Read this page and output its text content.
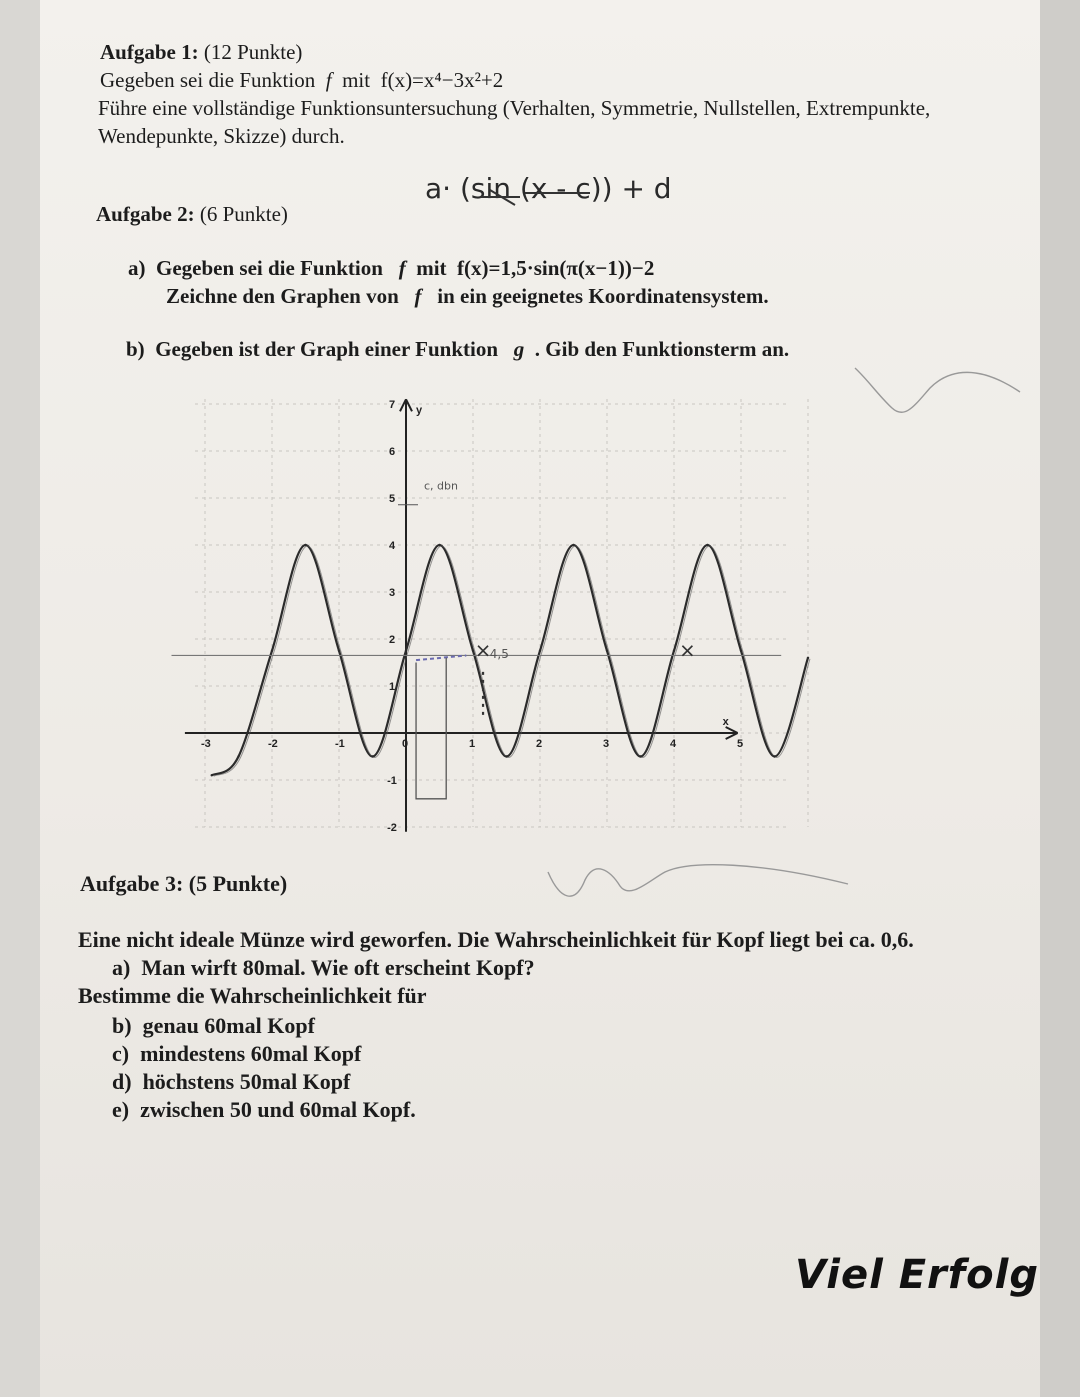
Aufgabe 1: (12 Punkte)
Gegeben sei die Funktion f mit f(x)=x⁴−3x²+2
Führe eine vollständige Funktionsuntersuchung (Verhalten, Symmetrie, Nullstellen, Extrempunkte,
Wendepunkte, Skizze) durch.
Aufgabe 2: (6 Punkte)
a· (sin (x - c)) + d
a) Gegeben sei die Funktion f mit f(x)=1,5·sin(π(x−1))−2
Zeichne den Graphen von f in ein geeignetes Koordinatensystem.
b) Gegeben ist der Graph einer Funktion g . Gib den Funktionsterm an.
x
y
-3	-2	-1	0	1	2	3	4	5
7
6
5
4
3
2
1
-1
-2
4,5
c, dbn
Aufgabe 3: (5 Punkte)
Eine nicht ideale Münze wird geworfen. Die Wahrscheinlichkeit für Kopf liegt bei ca. 0,6.
a) Man wirft 80mal. Wie oft erscheint Kopf?
Bestimme die Wahrscheinlichkeit für
b) genau 60mal Kopf
c) mindestens 60mal Kopf
d) höchstens 50mal Kopf
e) zwischen 50 und 60mal Kopf.
Viel Erfolg
